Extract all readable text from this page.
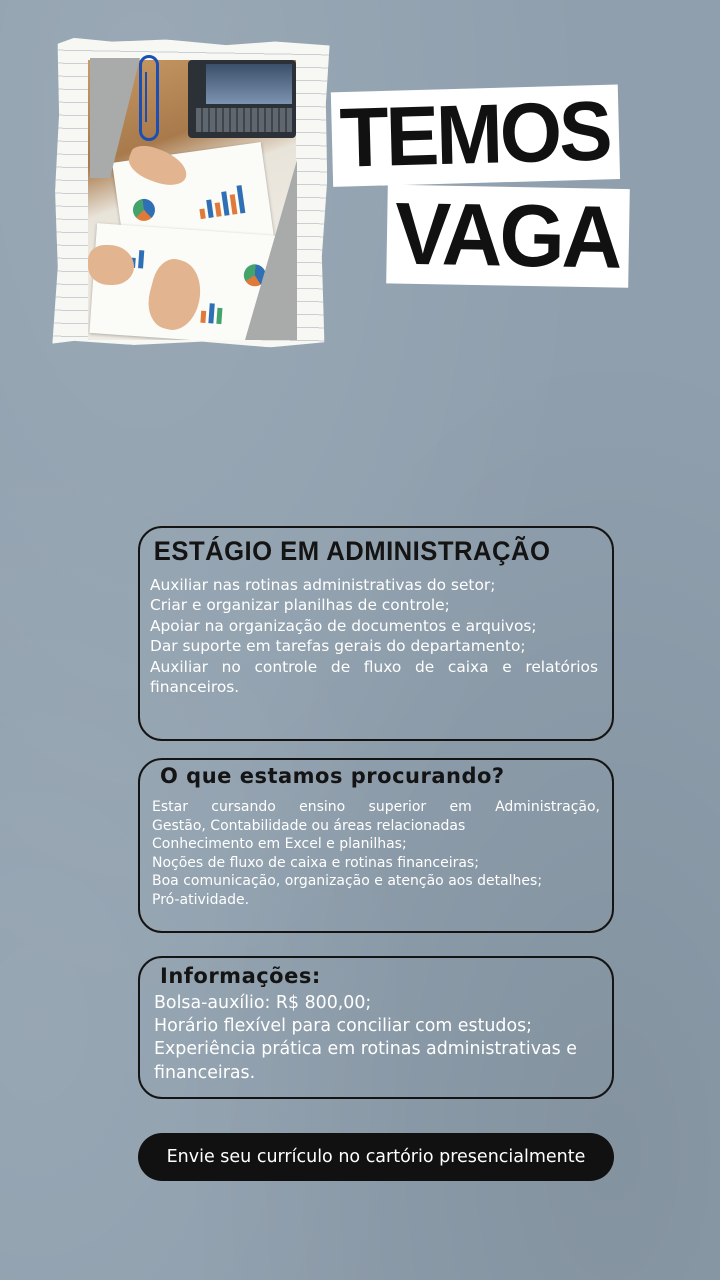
TEMOS
VAGA
ESTÁGIO EM ADMINISTRAÇÃO

Auxiliar nas rotinas administrativas do setor;

Criar e organizar planilhas de controle;

Apoiar na organização de documentos e arquivos;

Dar suporte em tarefas gerais do departamento;

Auxiliar no controle de fluxo de caixa e relatórios

financeiros.

O que estamos procurando?

Estar cursando ensino superior em Administração,

Gestão, Contabilidade ou áreas relacionadas

Conhecimento em Excel e planilhas;

Noções de fluxo de caixa e rotinas financeiras;

Boa comunicação, organização e atenção aos detalhes;

Pró-atividade.

Informações:

Bolsa-auxílio: R$ 800,00;

Horário flexível para conciliar com estudos;

Experiência prática em rotinas administrativas e

financeiras.

Envie seu currículo no cartório presencialmente
